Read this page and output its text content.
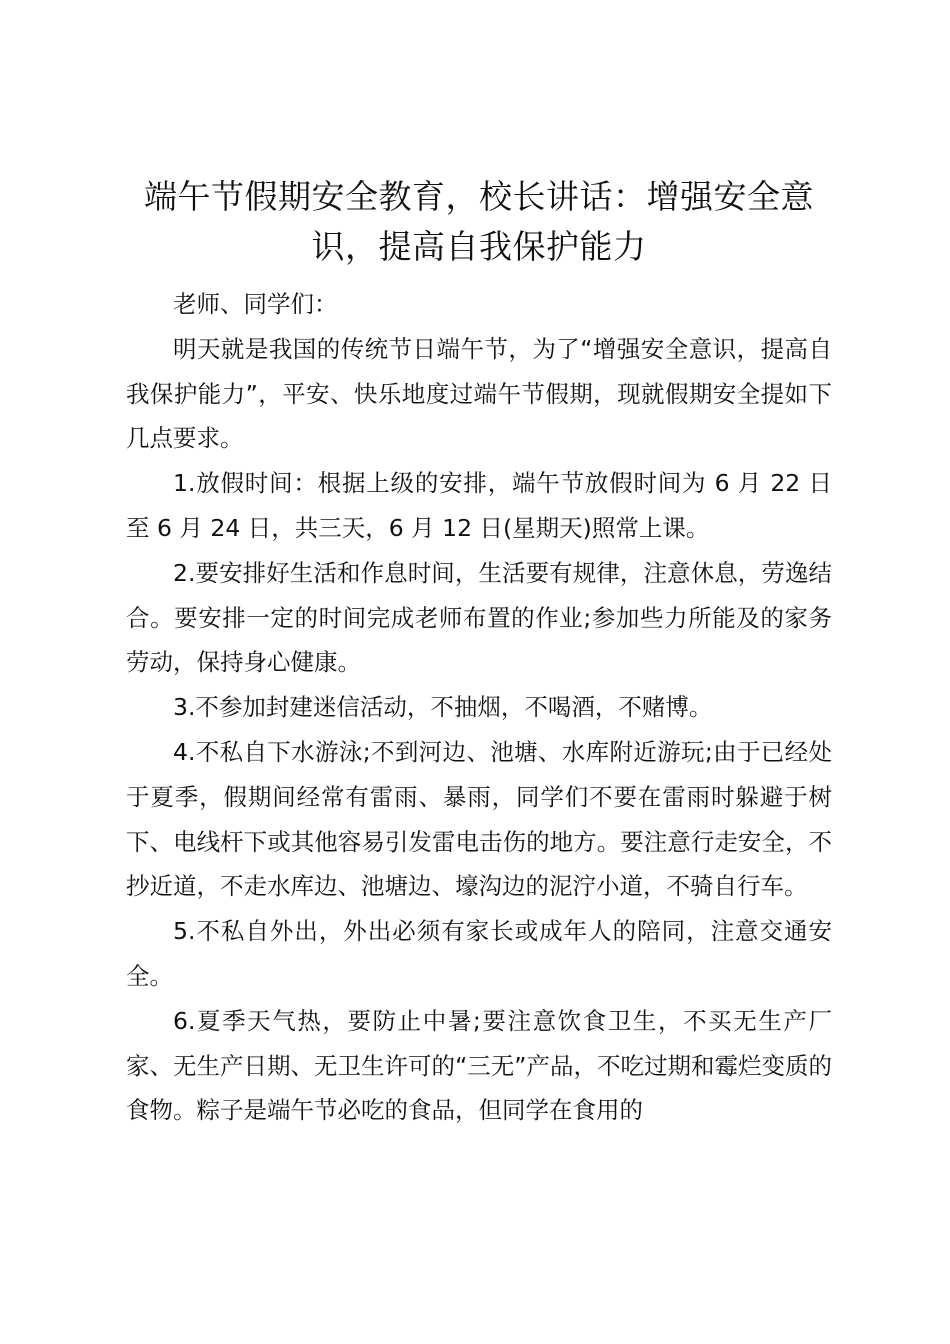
端午节假期安全教育，校长讲话：增强安全意识，提高自我保护能力

老师、同学们：

明天就是我国的传统节日端午节，为了“增强安全意识，提高自我保护能力”，平安、快乐地度过端午节假期，现就假期安全提如下几点要求。

1.放假时间：根据上级的安排，端午节放假时间为 6 月 22 日至 6 月 24 日，共三天，6 月 12 日(星期天)照常上课。

2.要安排好生活和作息时间，生活要有规律，注意休息，劳逸结合。要安排一定的时间完成老师布置的作业;参加些力所能及的家务劳动，保持身心健康。

3.不参加封建迷信活动，不抽烟，不喝酒，不赌博。

4.不私自下水游泳;不到河边、池塘、水库附近游玩;由于已经处于夏季，假期间经常有雷雨、暴雨，同学们不要在雷雨时躲避于树下、电线杆下或其他容易引发雷电击伤的地方。要注意行走安全，不抄近道，不走水库边、池塘边、壕沟边的泥泞小道，不骑自行车。

5.不私自外出，外出必须有家长或成年人的陪同，注意交通安全。

6.夏季天气热，要防止中暑;要注意饮食卫生，不买无生产厂家、无生产日期、无卫生许可的“三无”产品，不吃过期和霉烂变质的食物。粽子是端午节必吃的食品，但同学在食用的
